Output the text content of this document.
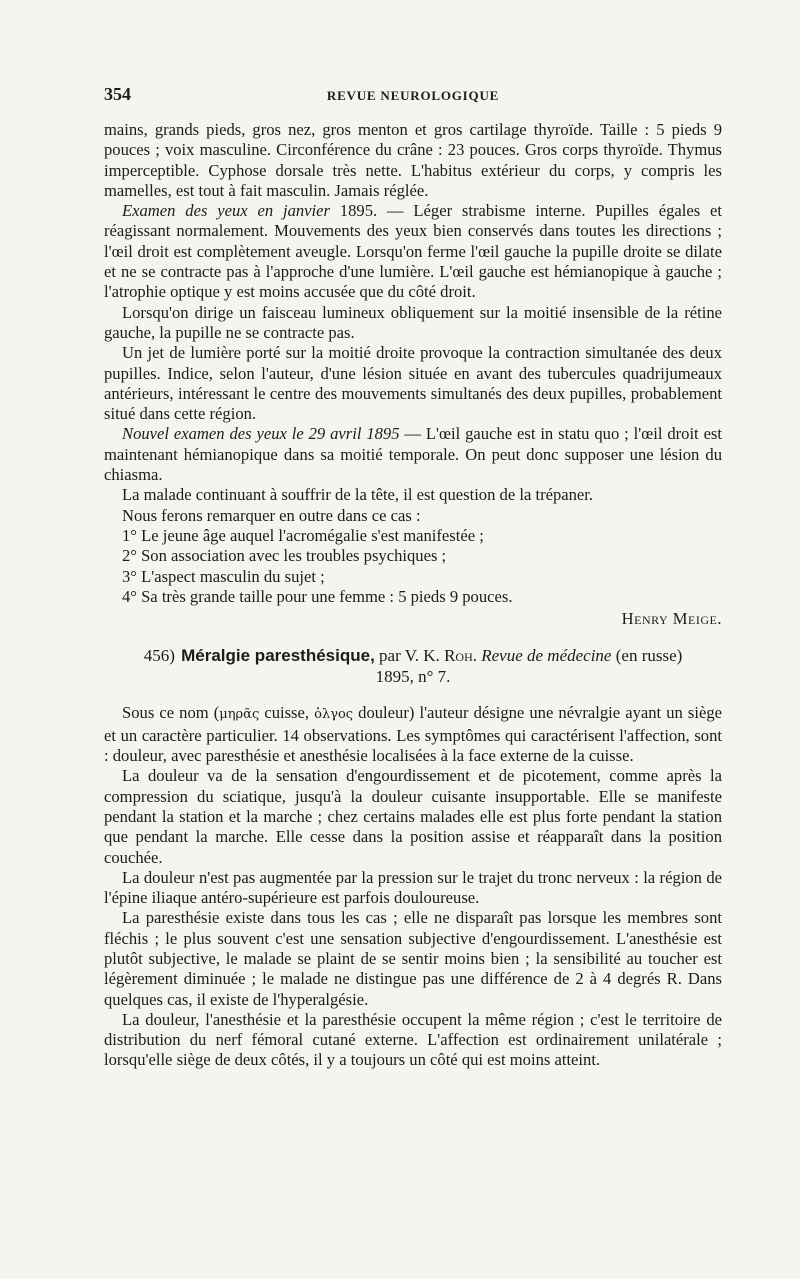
354	REVUE NEUROLOGIQUE

mains, grands pieds, gros nez, gros menton et gros cartilage thyroïde. Taille : 5 pieds 9 pouces ; voix masculine. Circonférence du crâne : 23 pouces. Gros corps thyroïde. Thymus imperceptible. Cyphose dorsale très nette. L'habitus extérieur du corps, y compris les mamelles, est tout à fait masculin. Jamais réglée.

Examen des yeux en janvier 1895. — Léger strabisme interne. Pupilles égales et réagissant normalement. Mouvements des yeux bien conservés dans toutes les directions ; l'œil droit est complètement aveugle. Lorsqu'on ferme l'œil gauche la pupille droite se dilate et ne se contracte pas à l'approche d'une lumière. L'œil gauche est hémianopique à gauche ; l'atrophie optique y est moins accusée que du côté droit.

Lorsqu'on dirige un faisceau lumineux obliquement sur la moitié insensible de la rétine gauche, la pupille ne se contracte pas.

Un jet de lumière porté sur la moitié droite provoque la contraction simultanée des deux pupilles. Indice, selon l'auteur, d'une lésion située en avant des tubercules quadrijumeaux antérieurs, intéressant le centre des mouvements simultanés des deux pupilles, probablement situé dans cette région.

Nouvel examen des yeux le 29 avril 1895 — L'œil gauche est in statu quo ; l'œil droit est maintenant hémianopique dans sa moitié temporale. On peut donc supposer une lésion du chiasma.

La malade continuant à souffrir de la tête, il est question de la trépaner.

Nous ferons remarquer en outre dans ce cas :

1° Le jeune âge auquel l'acromégalie s'est manifestée ;

2° Son association avec les troubles psychiques ;

3° L'aspect masculin du sujet ;

4° Sa très grande taille pour une femme : 5 pieds 9 pouces.

Henry Meige.

456) Méralgie paresthésique, par V. K. Roh. Revue de médecine (en russe)
1895, n° 7.

Sous ce nom (μηρᾶς cuisse, ὀλγος douleur) l'auteur désigne une névralgie ayant un siège et un caractère particulier. 14 observations. Les symptômes qui caractérisent l'affection, sont : douleur, avec paresthésie et anesthésie localisées à la face externe de la cuisse.

La douleur va de la sensation d'engourdissement et de picotement, comme après la compression du sciatique, jusqu'à la douleur cuisante insupportable. Elle se manifeste pendant la station et la marche ; chez certains malades elle est plus forte pendant la station que pendant la marche. Elle cesse dans la position assise et réapparaît dans la position couchée.

La douleur n'est pas augmentée par la pression sur le trajet du tronc nerveux : la région de l'épine iliaque antéro-supérieure est parfois douloureuse.

La paresthésie existe dans tous les cas ; elle ne disparaît pas lorsque les membres sont fléchis ; le plus souvent c'est une sensation subjective d'engourdissement. L'anesthésie est plutôt subjective, le malade se plaint de se sentir moins bien ; la sensibilité au toucher est légèrement diminuée ; le malade ne distingue pas une différence de 2 à 4 degrés R. Dans quelques cas, il existe de l'hyperalgésie.

La douleur, l'anesthésie et la paresthésie occupent la même région ; c'est le territoire de distribution du nerf fémoral cutané externe. L'affection est ordinairement unilatérale ; lorsqu'elle siège de deux côtés, il y a toujours un côté qui est moins atteint.
